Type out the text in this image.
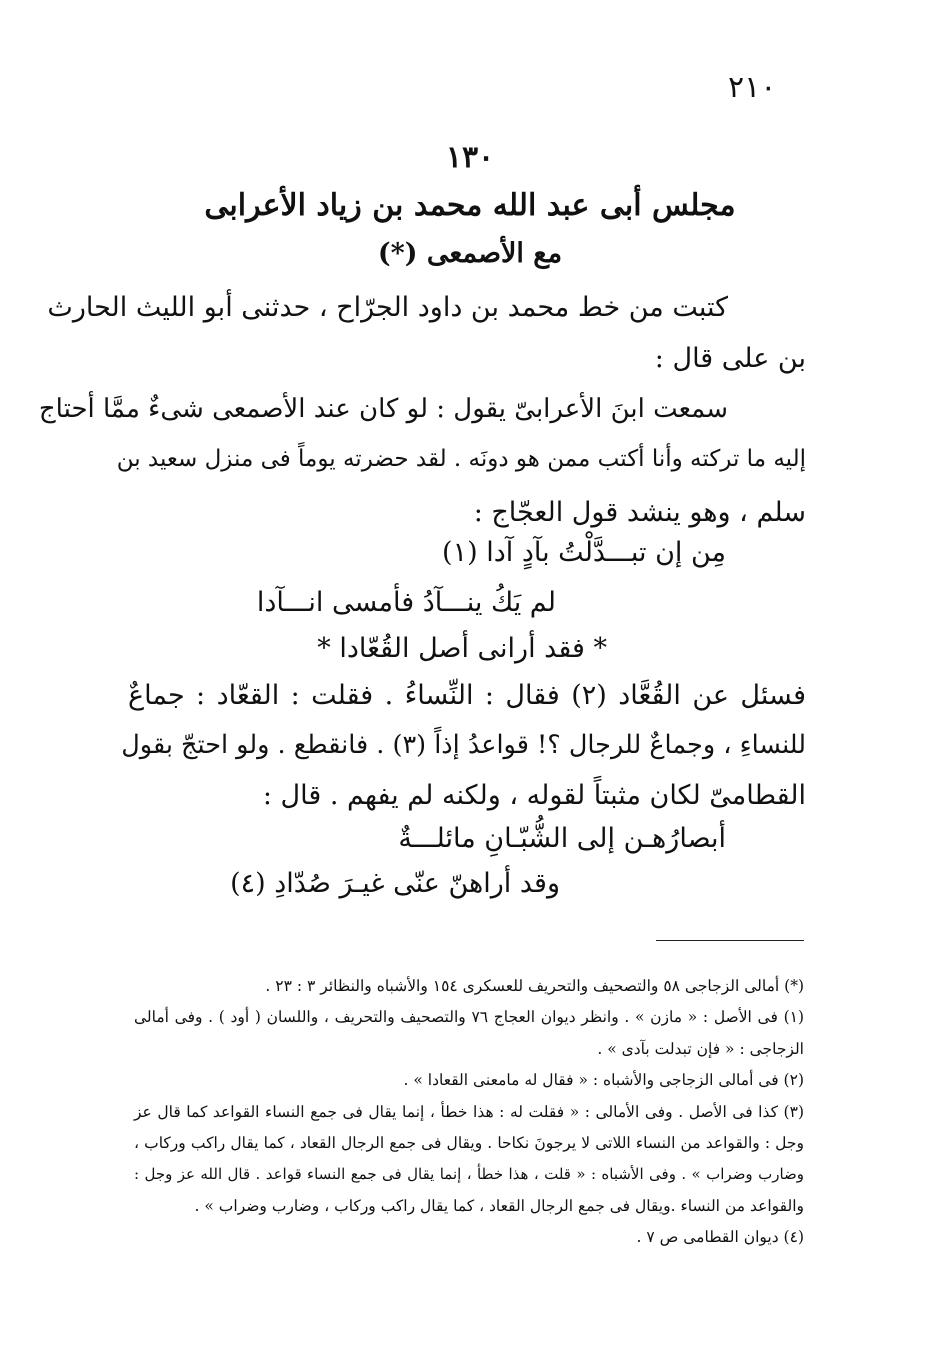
٢١٠
١٣٠
مجلس أبى عبد الله محمد بن زياد الأعرابى
مع الأصمعى (*)
كتبت من خط محمد بن داود الجرّاح ، حدثنى أبو الليث الحارث
بن على قال :
سمعت ابنَ الأعرابىّ يقول : لو كان عند الأصمعى شىءٌ ممَّا أحتاج
إليه ما تركته وأنا أكتب ممن هو دونَه . لقد حضرته يوماً فى منزل سعيد بن
سلم ، وهو ينشد قول العجّاج :
مِن إن تبـــدَّلْتُ بآدٍ آدا (١)
لم يَكُ ينـــآدُ فأمسى انـــآدا
* فقد أرانى أصل القُعّادا *
فسئل عن القُعَّاد (٢) فقال : النِّساءُ . فقلت : القعّاد : جماعٌ
للنساءِ ، وجماعٌ للرجال ؟! قواعدُ إذاً (٣) . فانقطع . ولو احتجّ بقول
القطامىّ لكان مثبتاً لقوله ، ولكنه لم يفهم . قال :
أبصارُهـن إلى الشُّبّـانِ مائلـــةٌ
وقد أراهنّ عنّى غيـرَ صُدّادِ (٤)
(*) أمالى الزجاجى ٥٨ والتصحيف والتحريف للعسكرى ١٥٤ والأشباه والنظائر ٣ : ٢٣ .
(١) فى الأصل : « مازن » . وانظر ديوان العجاج ٧٦ والتصحيف والتحريف ، واللسان ( أود ) . وفى أمالى
الزجاجى : « فإن تبدلت بآدى » .
(٢) فى أمالى الزجاجى والأشباه : « فقال له مامعنى القعادا » .
(٣) كذا فى الأصل . وفى الأمالى : « فقلت له : هذا خطأ ، إنما يقال فى جمع النساء القواعد كما قال عز
وجل : والقواعد من النساء اللاتى لا يرجونَ نكاحا . ويقال فى جمع الرجال القعاد ، كما يقال راكب وركاب ،
وضارب وضراب » . وفى الأشباه : « قلت ، هذا خطأ ، إنما يقال فى جمع النساء قواعد . قال الله عز وجل :
والقواعد من النساء .ويقال فى جمع الرجال القعاد ، كما يقال راكب وركاب ، وضارب وضراب » .
(٤) ديوان القطامى ص ٧ .
